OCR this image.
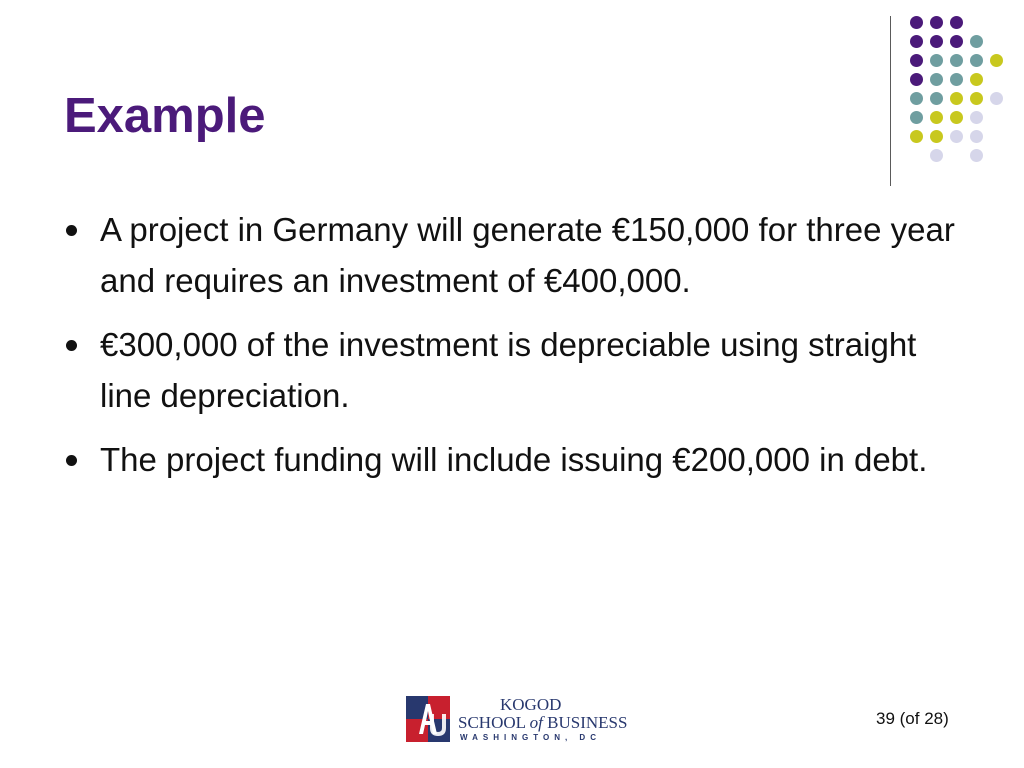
Example
A project in Germany will generate €150,000 for three year and requires an investment of €400,000.
€300,000 of the investment is depreciable using straight line depreciation.
The project funding will include issuing €200,000 in debt.
KOGOD
SCHOOL of BUSINESS
WASHINGTON, DC
39 (of 28)
